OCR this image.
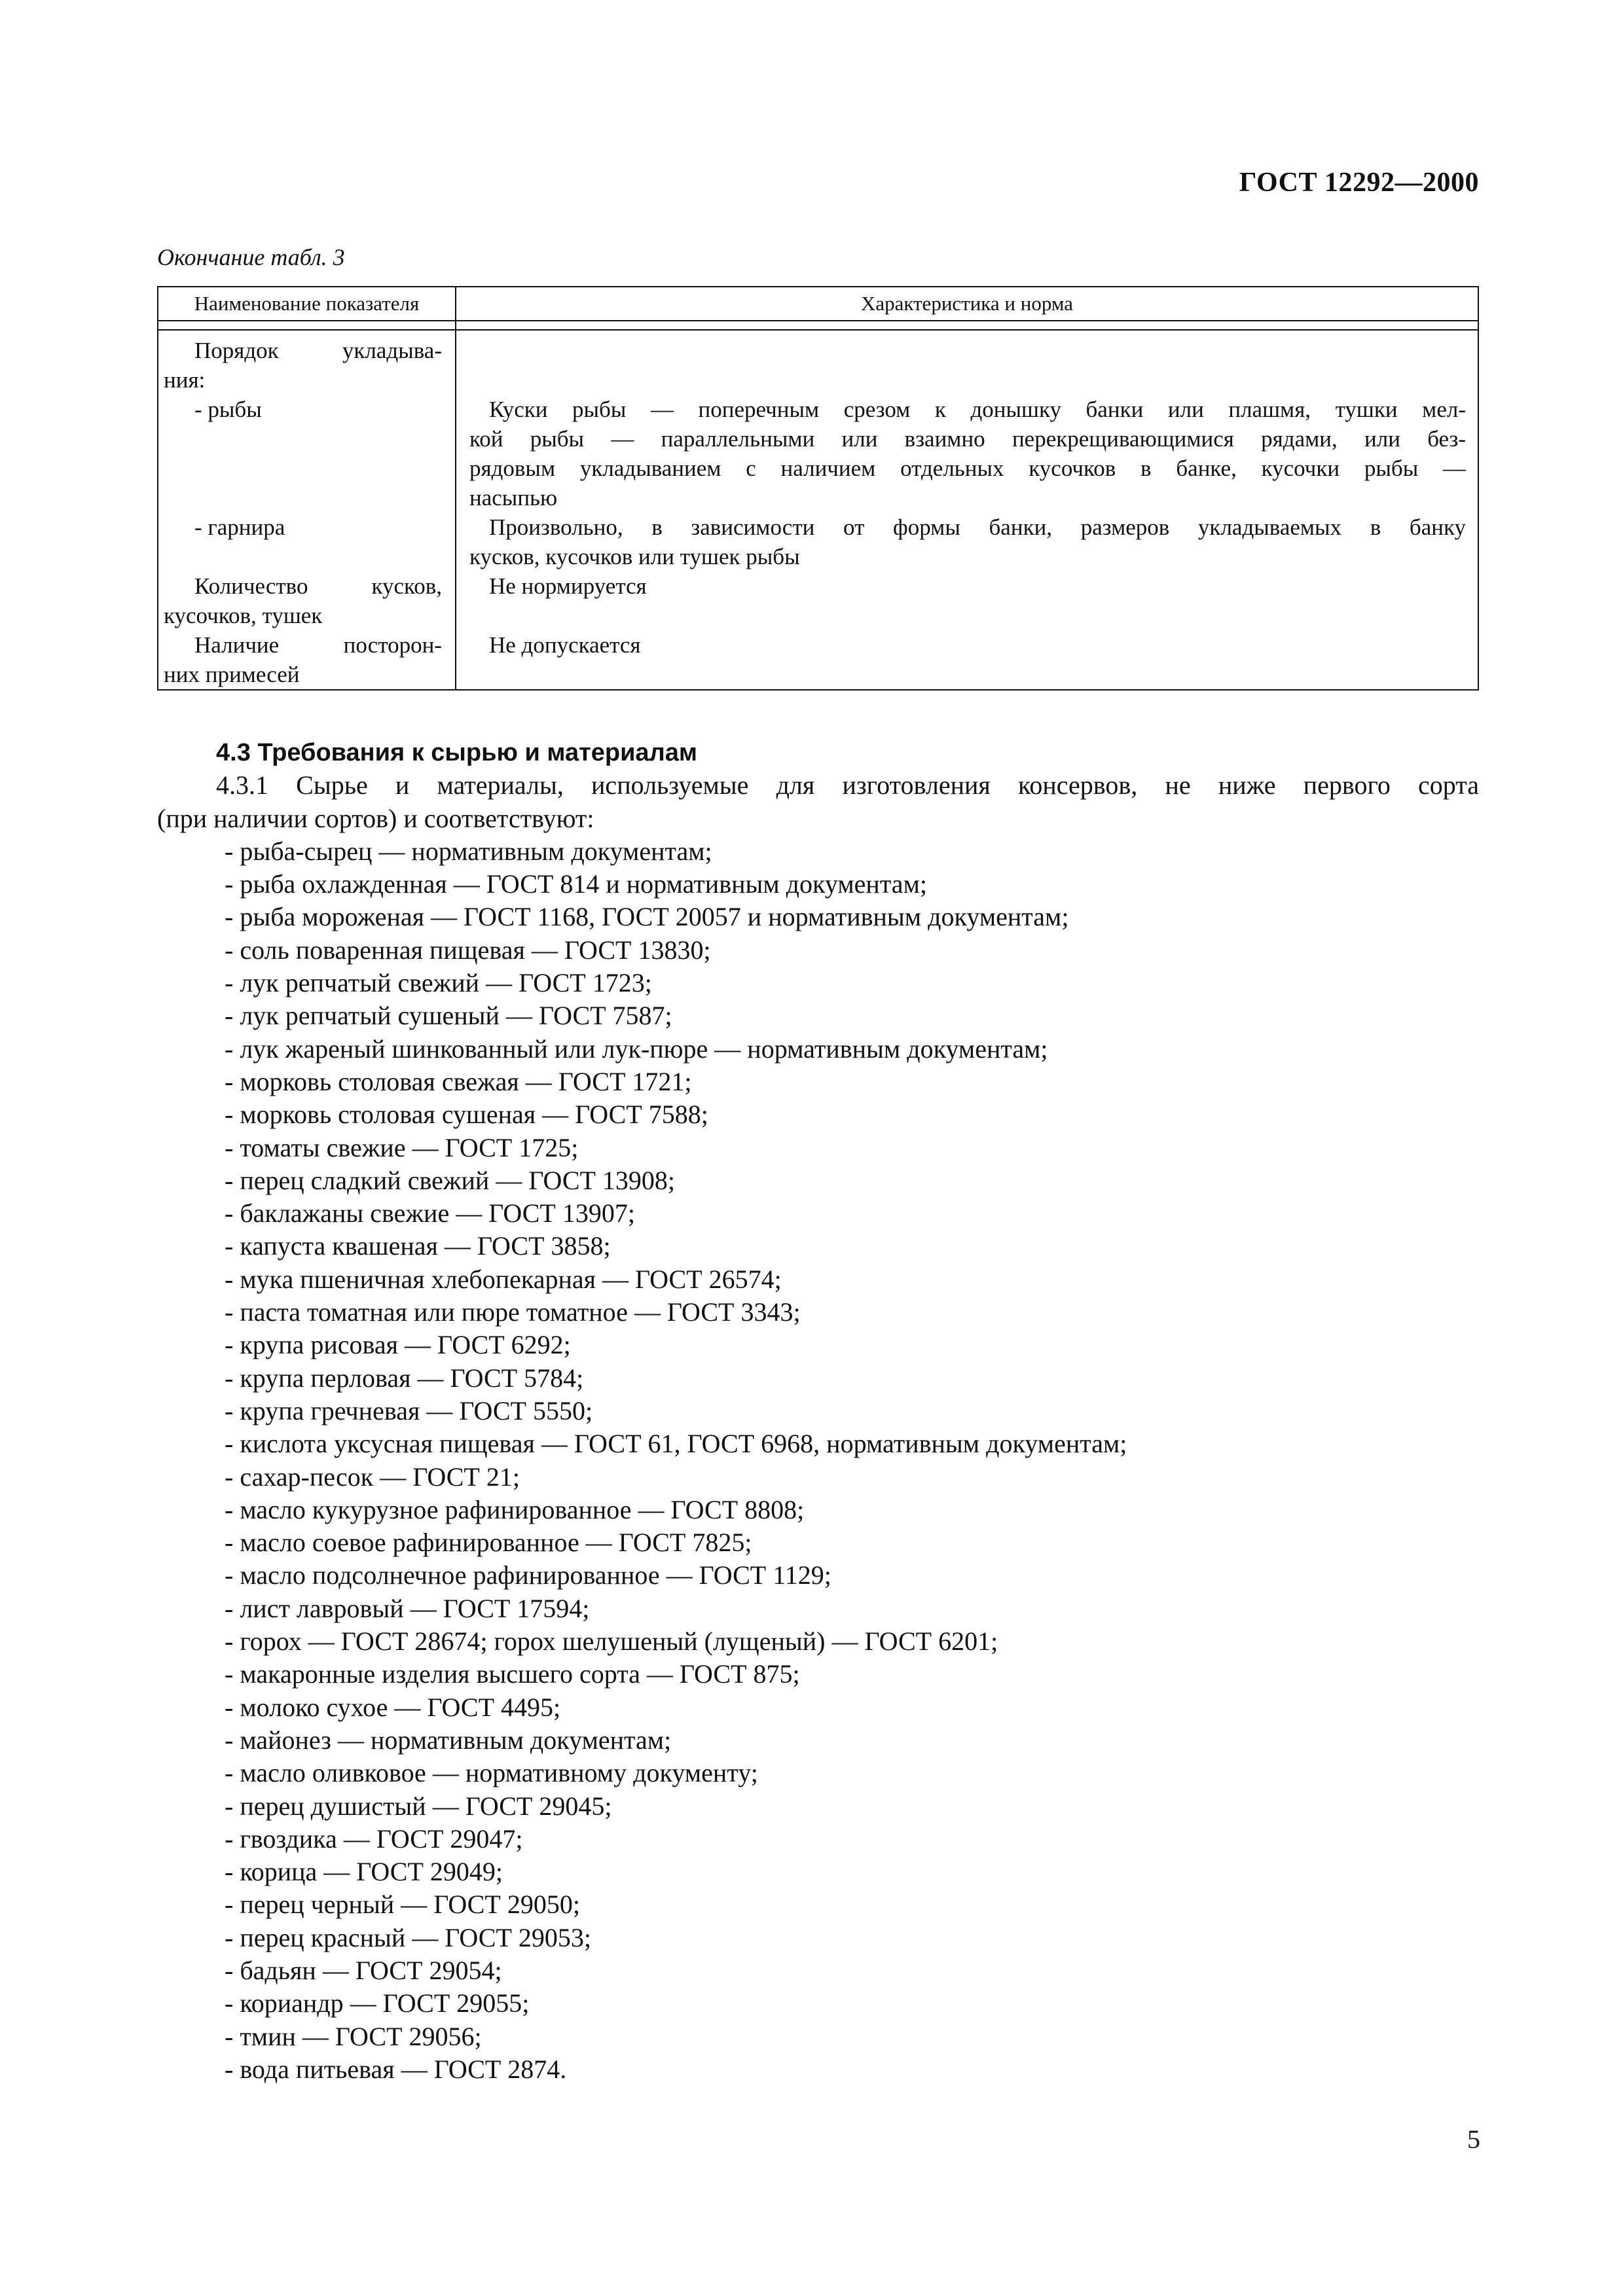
ГОСТ 12292—2000
Окончание табл. 3
Наименование показателя	Характеристика и норма
Порядок укладыва-
ния:
- рыбы
- гарнира
Количество кусков,
кусочков, тушек
Наличие посторон-
них примесей
Куски рыбы — поперечным срезом к донышку банки или плашмя, тушки мел-
кой рыбы — параллельными или взаимно перекрещивающимися рядами, или без-
рядовым укладыванием с наличием отдельных кусочков в банке, кусочки рыбы —
насыпью
Произвольно, в зависимости от формы банки, размеров укладываемых в банку
кусков, кусочков или тушек рыбы
Не нормируется
Не допускается
4.3 Требования к сырью и материалам
4.3.1 Сырье и материалы, используемые для изготовления консервов, не ниже первого сорта
(при наличии сортов) и соответствуют:
- рыба-сырец — нормативным документам;
- рыба охлажденная — ГОСТ 814 и нормативным документам;
- рыба мороженая — ГОСТ 1168, ГОСТ 20057 и нормативным документам;
- соль поваренная пищевая — ГОСТ 13830;
- лук репчатый свежий — ГОСТ 1723;
- лук репчатый сушеный — ГОСТ 7587;
- лук жареный шинкованный или лук-пюре — нормативным документам;
- морковь столовая свежая — ГОСТ 1721;
- морковь столовая сушеная — ГОСТ 7588;
- томаты свежие — ГОСТ 1725;
- перец сладкий свежий — ГОСТ 13908;
- баклажаны свежие — ГОСТ 13907;
- капуста квашеная — ГОСТ 3858;
- мука пшеничная хлебопекарная — ГОСТ 26574;
- паста томатная или пюре томатное — ГОСТ 3343;
- крупа рисовая — ГОСТ 6292;
- крупа перловая — ГОСТ 5784;
- крупа гречневая — ГОСТ 5550;
- кислота уксусная пищевая — ГОСТ 61, ГОСТ 6968, нормативным документам;
- сахар-песок — ГОСТ 21;
- масло кукурузное рафинированное — ГОСТ 8808;
- масло соевое рафинированное — ГОСТ 7825;
- масло подсолнечное рафинированное — ГОСТ 1129;
- лист лавровый — ГОСТ 17594;
- горох — ГОСТ 28674; горох шелушеный (лущеный) — ГОСТ 6201;
- макаронные изделия высшего сорта — ГОСТ 875;
- молоко сухое — ГОСТ 4495;
- майонез — нормативным документам;
- масло оливковое — нормативному документу;
- перец душистый — ГОСТ 29045;
- гвоздика — ГОСТ 29047;
- корица — ГОСТ 29049;
- перец черный — ГОСТ 29050;
- перец красный — ГОСТ 29053;
- бадьян — ГОСТ 29054;
- кориандр — ГОСТ 29055;
- тмин — ГОСТ 29056;
- вода питьевая — ГОСТ 2874.
5
